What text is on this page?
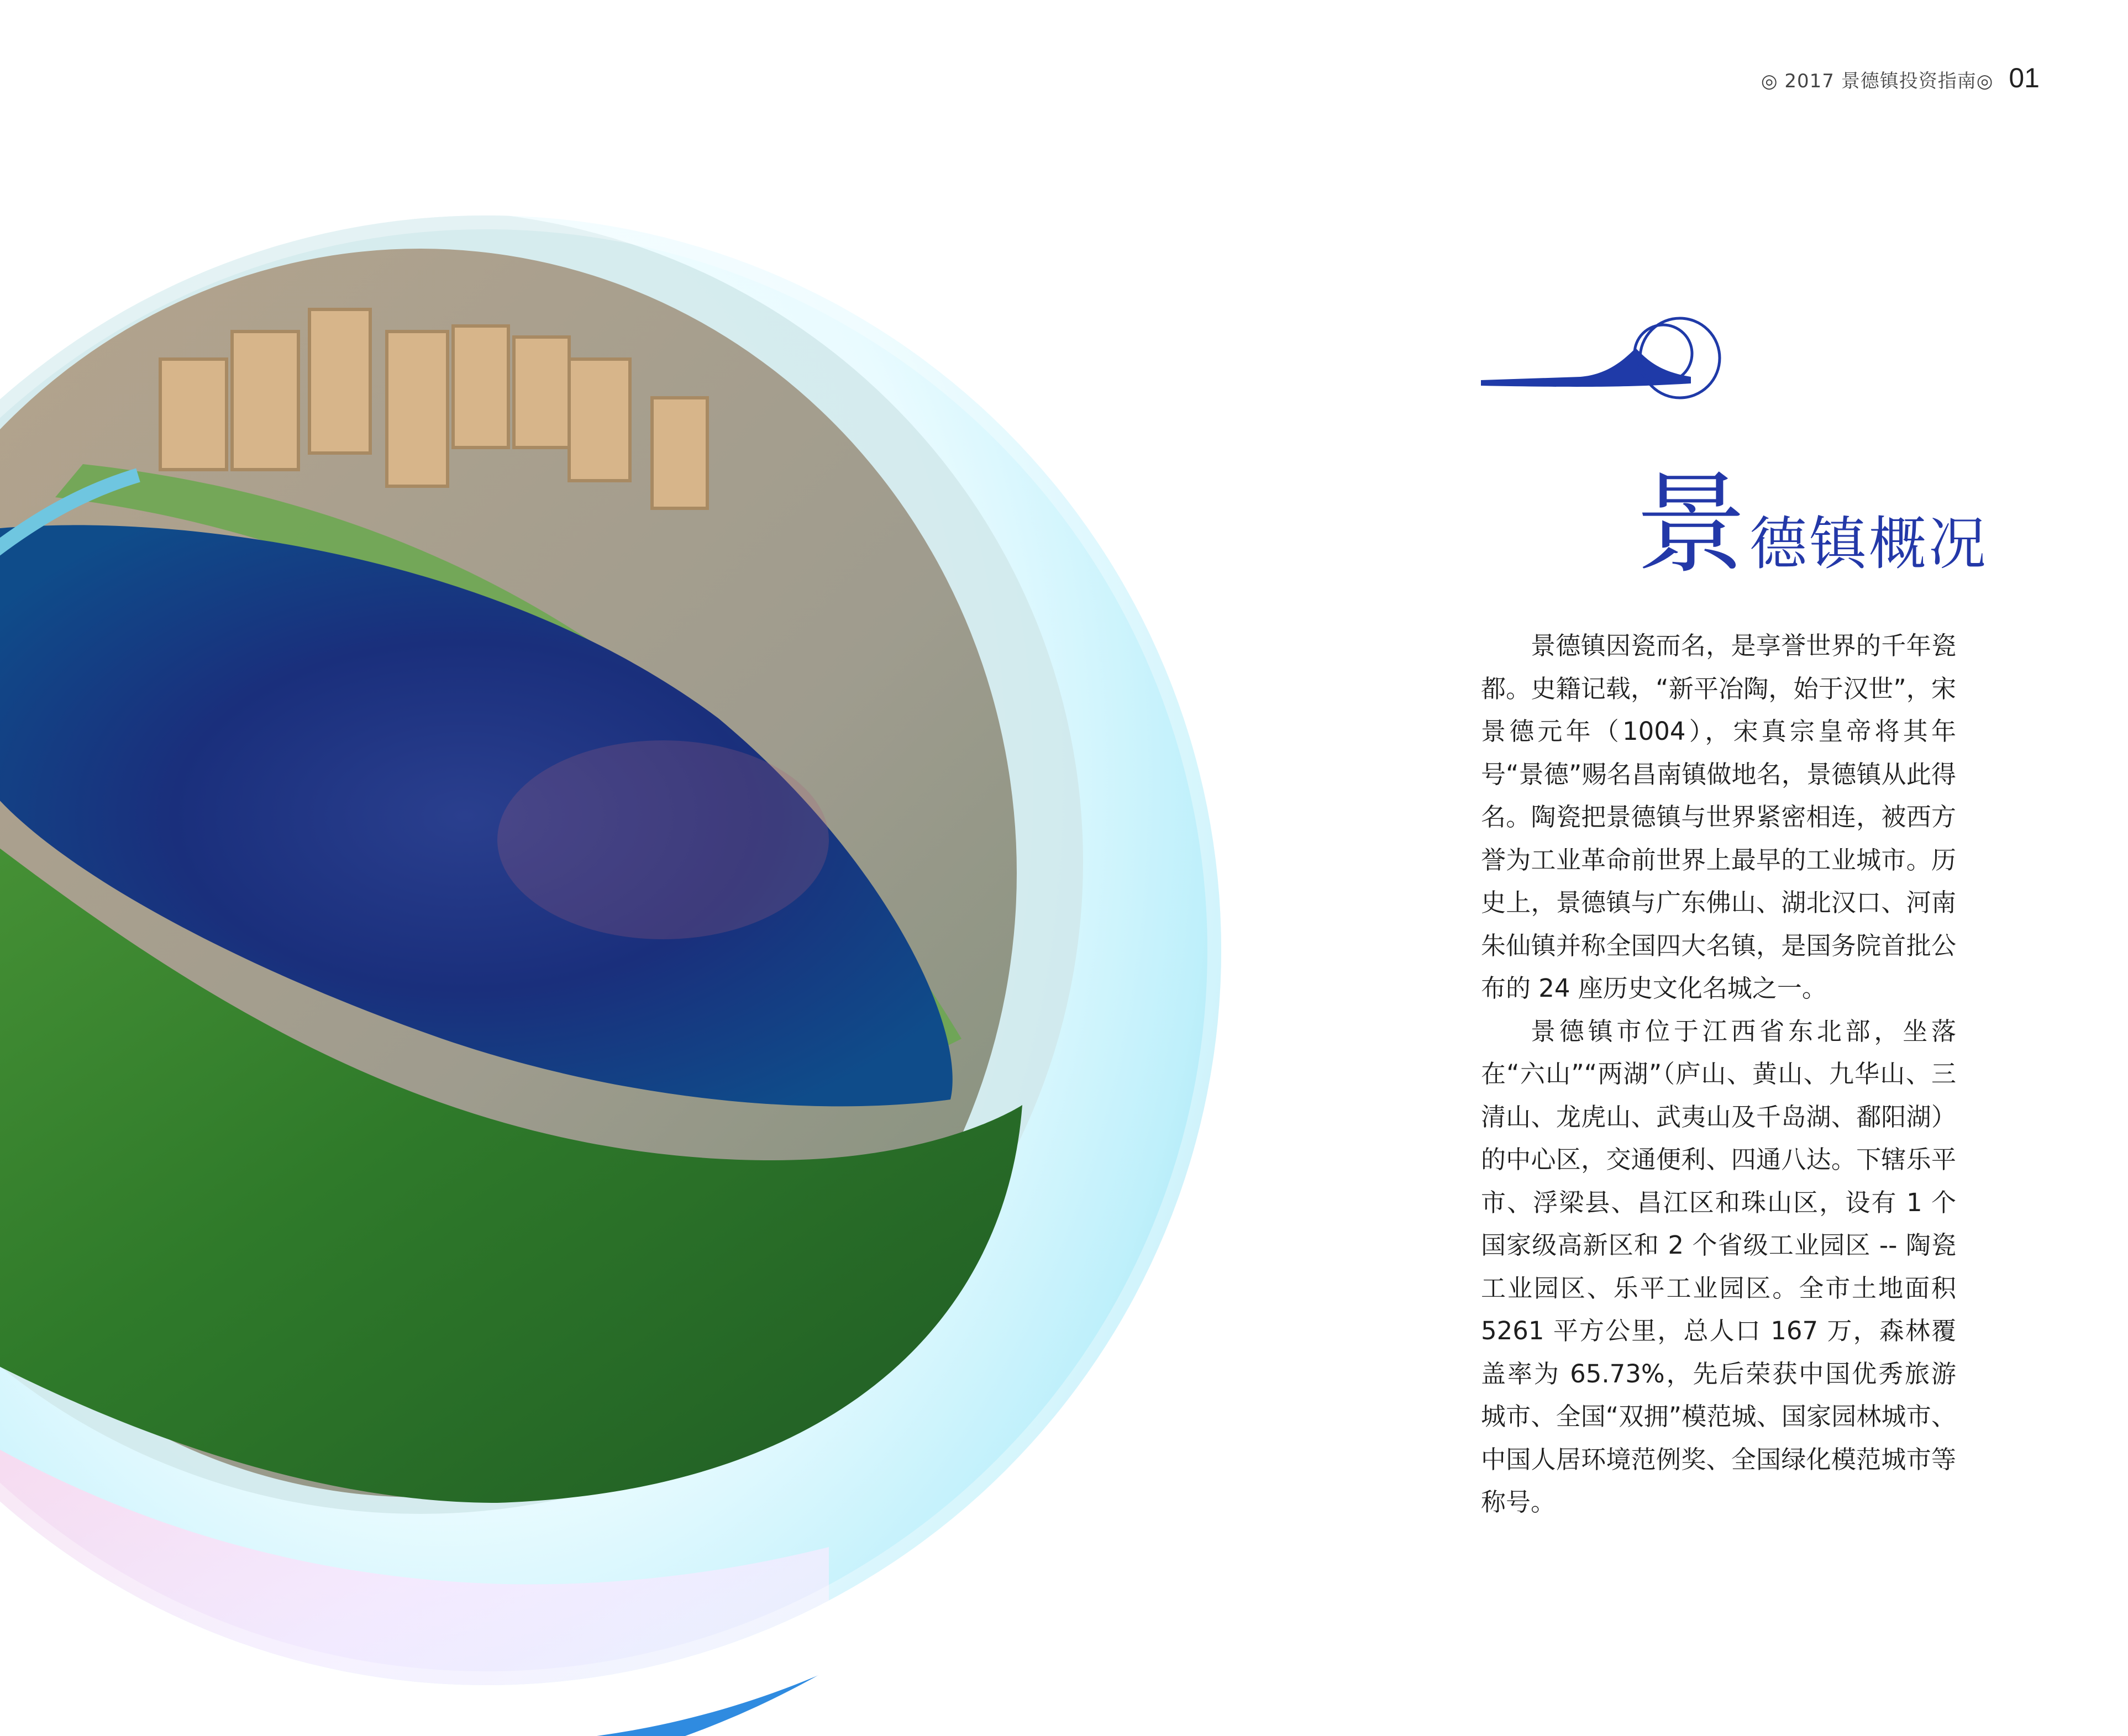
◎ 2017 景德镇投资指南◎ 01
景 德镇概况

景德镇因瓷而名，是享誉世界的千年瓷都。史籍记载，“新平冶陶，始于汉世”，宋景德元年（1004），宋真宗皇帝将其年号“景德”赐名昌南镇做地名，景德镇从此得名。陶瓷把景德镇与世界紧密相连，被西方誉为工业革命前世界上最早的工业城市。历史上，景德镇与广东佛山、湖北汉口、河南朱仙镇并称全国四大名镇，是国务院首批公布的 24 座历史文化名城之一。

景德镇市位于江西省东北部，坐落在“六山”“两湖”（庐山、黄山、九华山、三清山、龙虎山、武夷山及千岛湖、鄱阳湖）的中心区，交通便利、四通八达。下辖乐平市、浮梁县、昌江区和珠山区，设有 1 个国家级高新区和 2 个省级工业园区 -- 陶瓷工业园区、乐平工业园区。全市土地面积 5261 平方公里，总人口 167 万，森林覆盖率为 65.73%，先后荣获中国优秀旅游城市、全国“双拥”模范城、国家园林城市、中国人居环境范例奖、全国绿化模范城市等称号。
